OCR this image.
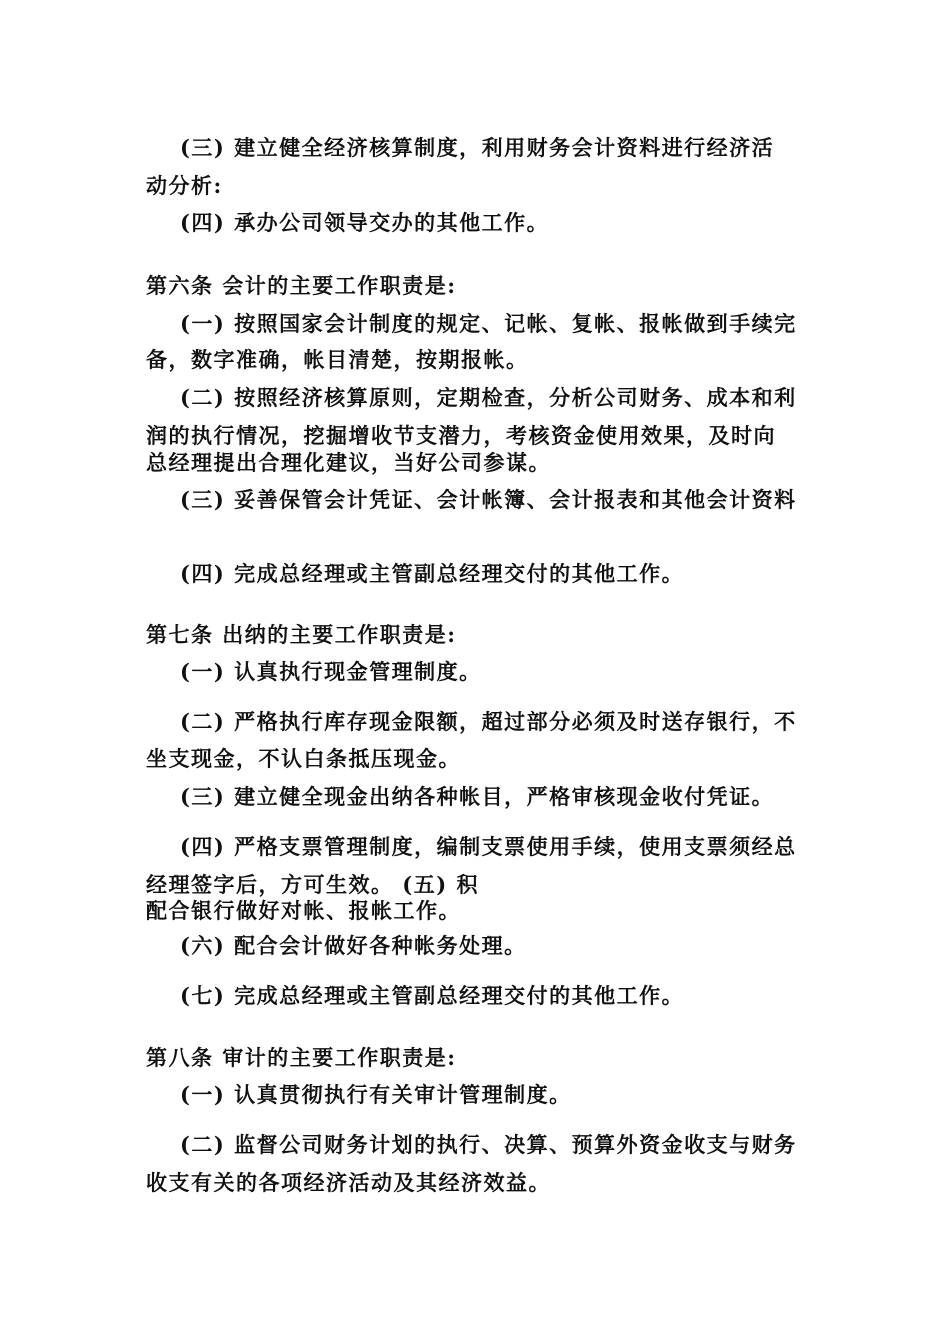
(三) 建立健全经济核算制度，利用财务会计资料进行经济活
动分析:
(四) 承办公司领导交办的其他工作。
第六条 会计的主要工作职责是:
(一) 按照国家会计制度的规定、记帐、复帐、报帐做到手续完
备，数字准确，帐目清楚，按期报帐。
(二) 按照经济核算原则，定期检查，分析公司财务、成本和利
润的执行情况，挖掘增收节支潜力，考核资金使用效果，及时向
总经理提出合理化建议，当好公司参谋。
(三) 妥善保管会计凭证、会计帐簿、会计报表和其他会计资料
(四) 完成总经理或主管副总经理交付的其他工作。
第七条 出纳的主要工作职责是:
(一) 认真执行现金管理制度。
(二) 严格执行库存现金限额，超过部分必须及时送存银行，不
坐支现金，不认白条抵压现金。
(三) 建立健全现金出纳各种帐目，严格审核现金收付凭证。
(四) 严格支票管理制度，编制支票使用手续，使用支票须经总
经理签字后，方可生效。 (五) 积
配合银行做好对帐、报帐工作。
(六) 配合会计做好各种帐务处理。
(七) 完成总经理或主管副总经理交付的其他工作。
第八条 审计的主要工作职责是:
(一) 认真贯彻执行有关审计管理制度。
(二) 监督公司财务计划的执行、决算、预算外资金收支与财务
收支有关的各项经济活动及其经济效益。
